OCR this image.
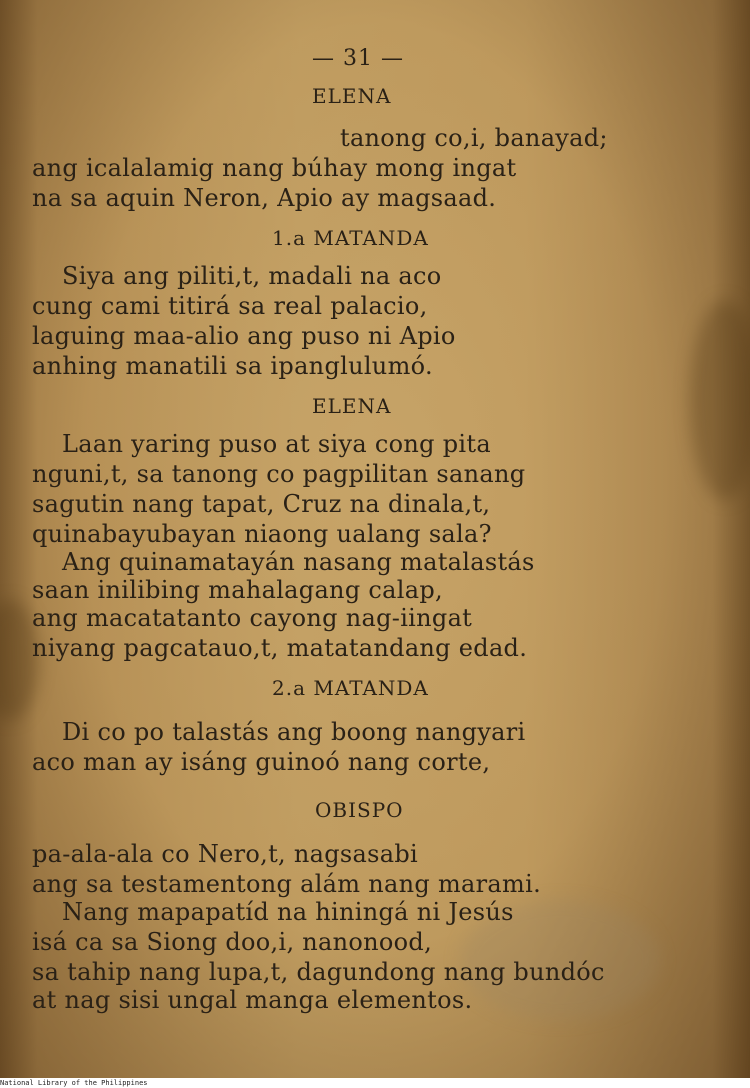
— 31 —
ELENA
tanong co,i, banayad;
ang icalalamig nang búhay mong ingat
na sa aquin Neron, Apio ay magsaad.
1.a MATANDA
Siya ang piliti,t, madali na aco
cung cami titirá sa real palacio,
laguing maa-alio ang puso ni Apio
anhing manatili sa ipanglulumó.
ELENA
Laan yaring puso at siya cong pita
nguni,t, sa tanong co pagpilitan sanang
sagutin nang tapat, Cruz na dinala,t,
quinabayubayan niaong ualang sala?
Ang quinamatayán nasang matalastás
saan inilibing mahalagang calap,
ang macatatanto cayong nag-iingat
niyang pagcatauo,t, matatandang edad.
2.a MATANDA
Di co po talastás ang boong nangyari
aco man ay isáng guinoó nang corte,
OBISPO
pa-ala-ala co Nero,t, nagsasabi
ang sa testamentong alám nang marami.
Nang mapapatíd na hiningá ni Jesús
isá ca sa Siong doo,i, nanonood,
sa tahip nang lupa,t, dagundong nang bundóc
at nag sisi ungal manga elementos.
National Library of the Philippines
